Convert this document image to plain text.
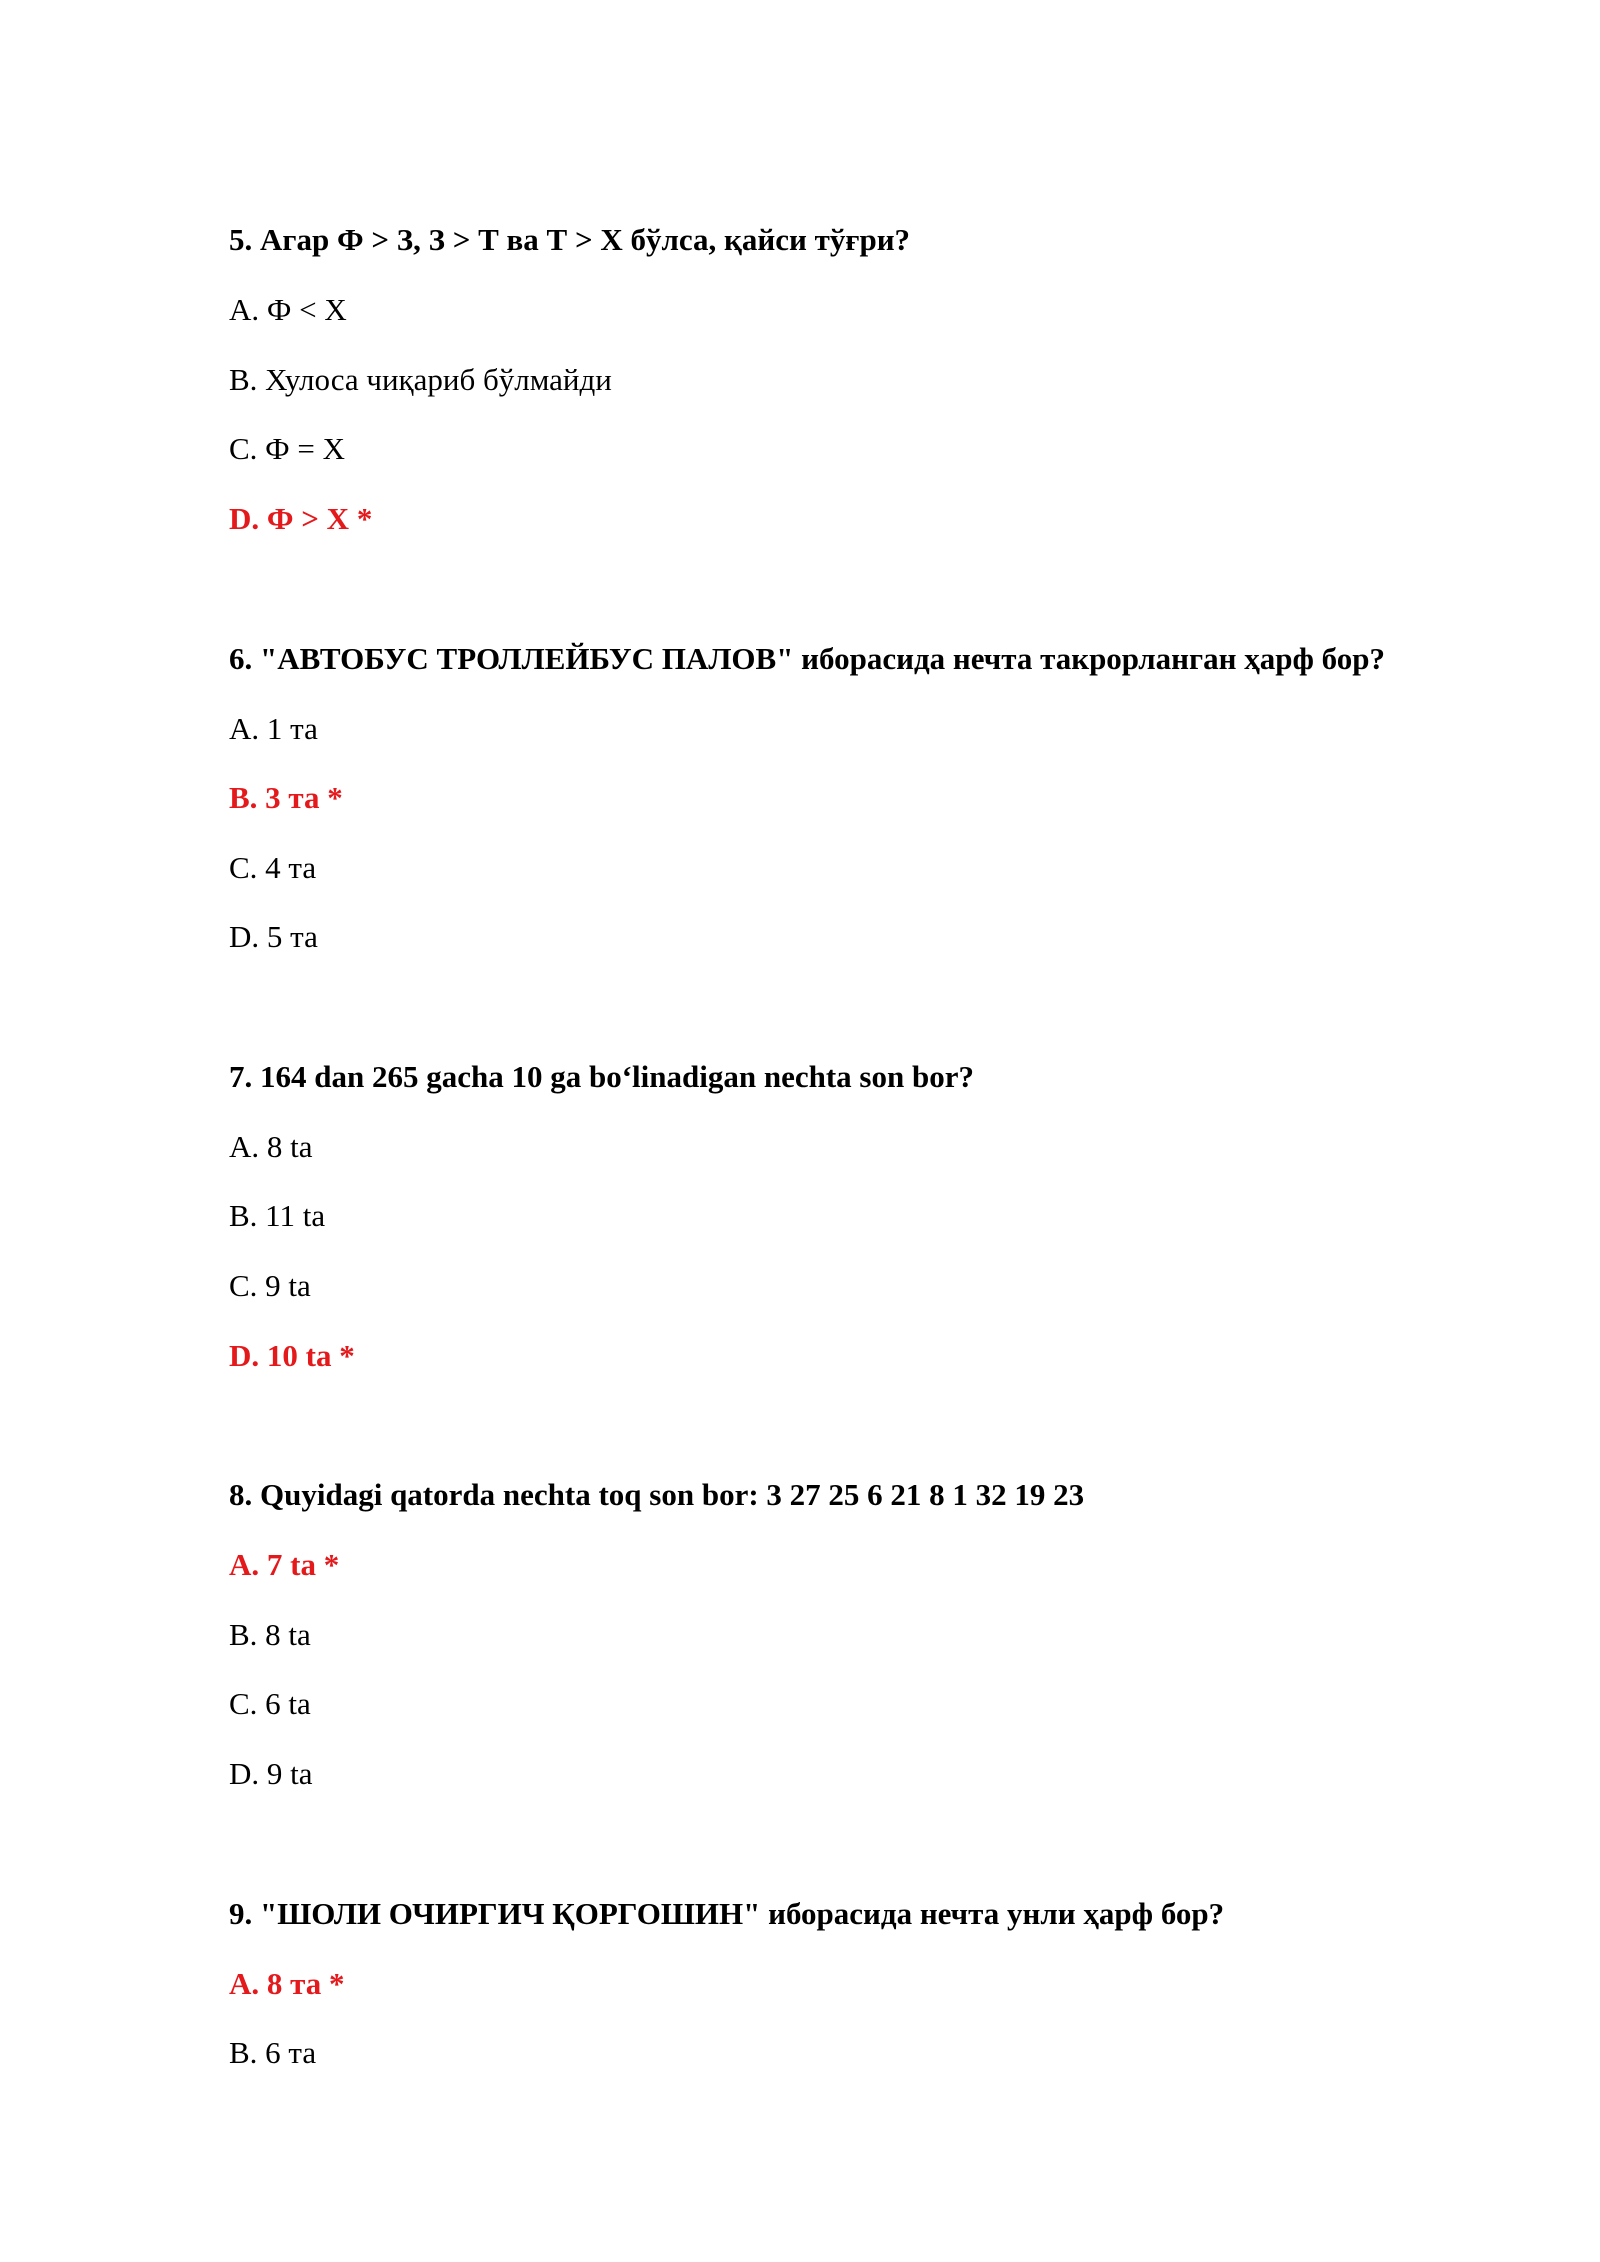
5. Агар Ф > З, З > Т ва Т > Х бўлса, қайси тўғри?

A. Ф < Х

B. Хулоса чиқариб бўлмайди

C. Ф = Х

D. Ф > Х *

6. "АВТОБУС ТРОЛЛЕЙБУС ПАЛОВ" иборасида нечта такрорланган ҳарф бор?

A. 1 та

B. 3 та *

C. 4 та

D. 5 та

7. 164 dan 265 gacha 10 ga bo‘linadigan nechta son bor?

A. 8 ta

B. 11 ta

C. 9 ta

D. 10 ta *

8. Quyidagi qatorda nechta toq son bor: 3 27 25 6 21 8 1 32 19 23

A. 7 ta *

B. 8 ta

C. 6 ta

D. 9 ta

9. "ШОЛИ ОЧИРГИЧ ҚОРГОШИН" иборасида нечта унли ҳарф бор?

A. 8 та *

B. 6 та
